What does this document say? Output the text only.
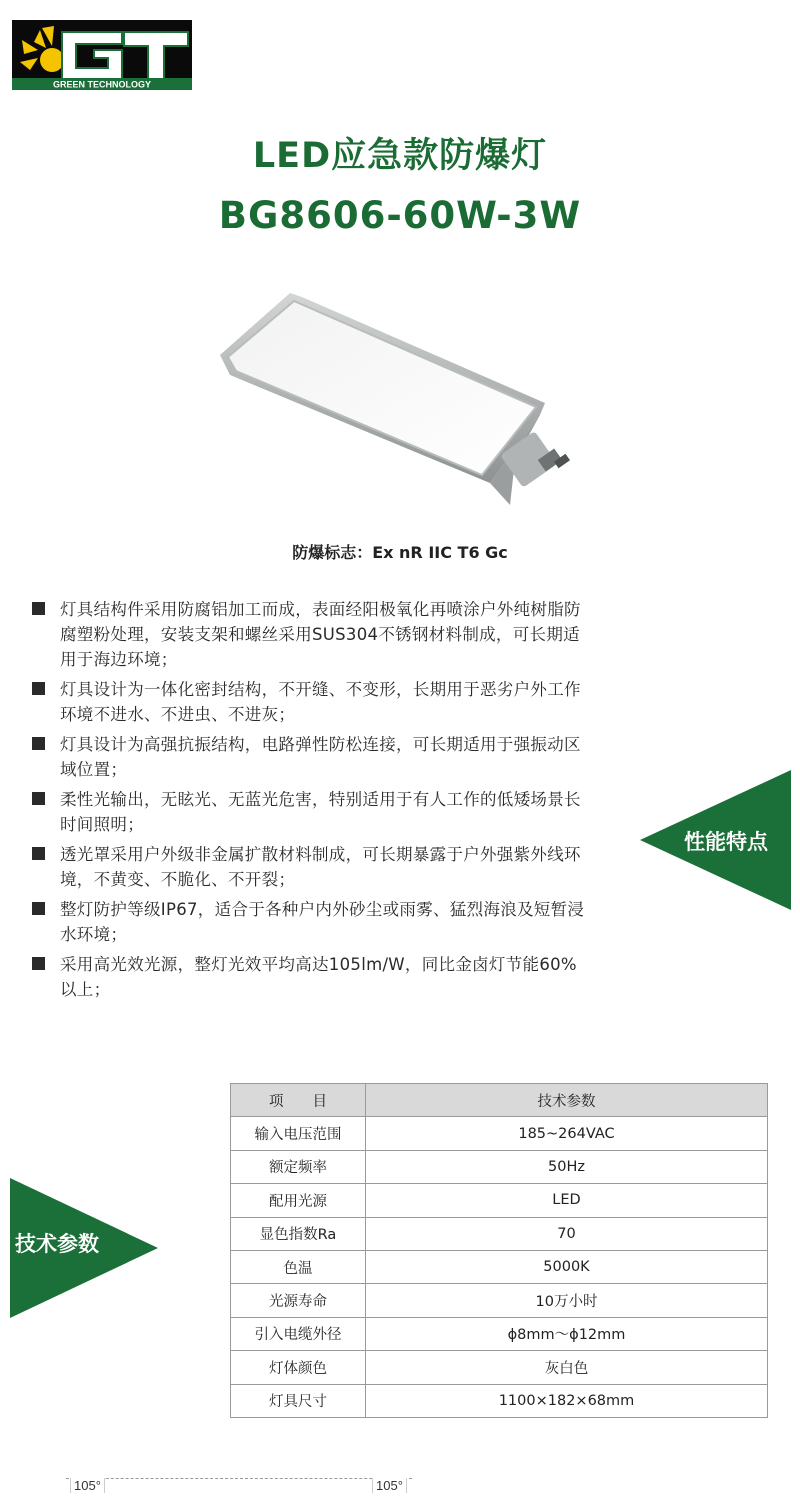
GREEN TECHNOLOGY
LED应急款防爆灯
BG8606-60W-3W
防爆标志：Ex nR IIC T6 Gc
灯具结构件采用防腐铝加工而成，表面经阳极氧化再喷涂户外纯树脂防腐塑粉处理，安装支架和螺丝采用SUS304不锈钢材料制成，可长期适用于海边环境；
灯具设计为一体化密封结构，不开缝、不变形，长期用于恶劣户外工作环境不进水、不进虫、不进灰；
灯具设计为高强抗振结构，电路弹性防松连接，可长期适用于强振动区域位置；
柔性光输出，无眩光、无蓝光危害，特别适用于有人工作的低矮场景长时间照明；
透光罩采用户外级非金属扩散材料制成，可长期暴露于户外强紫外线环境，不黄变、不脆化、不开裂；
整灯防护等级IP67，适合于各种户内外砂尘或雨雾、猛烈海浪及短暂浸水环境；
采用高光效光源，整灯光效平均高达105lm/W，同比金卤灯节能60%以上；
性能特点
技术参数
项　　目	技术参数
输入电压范围	185~264VAC
额定频率	50Hz
配用光源	LED
显色指数Ra	70
色温	5000K
光源寿命	10万小时
引入电缆外径	ϕ8mm～ϕ12mm
灯体颜色	灰白色
灯具尺寸	1100×182×68mm
105°	105°
